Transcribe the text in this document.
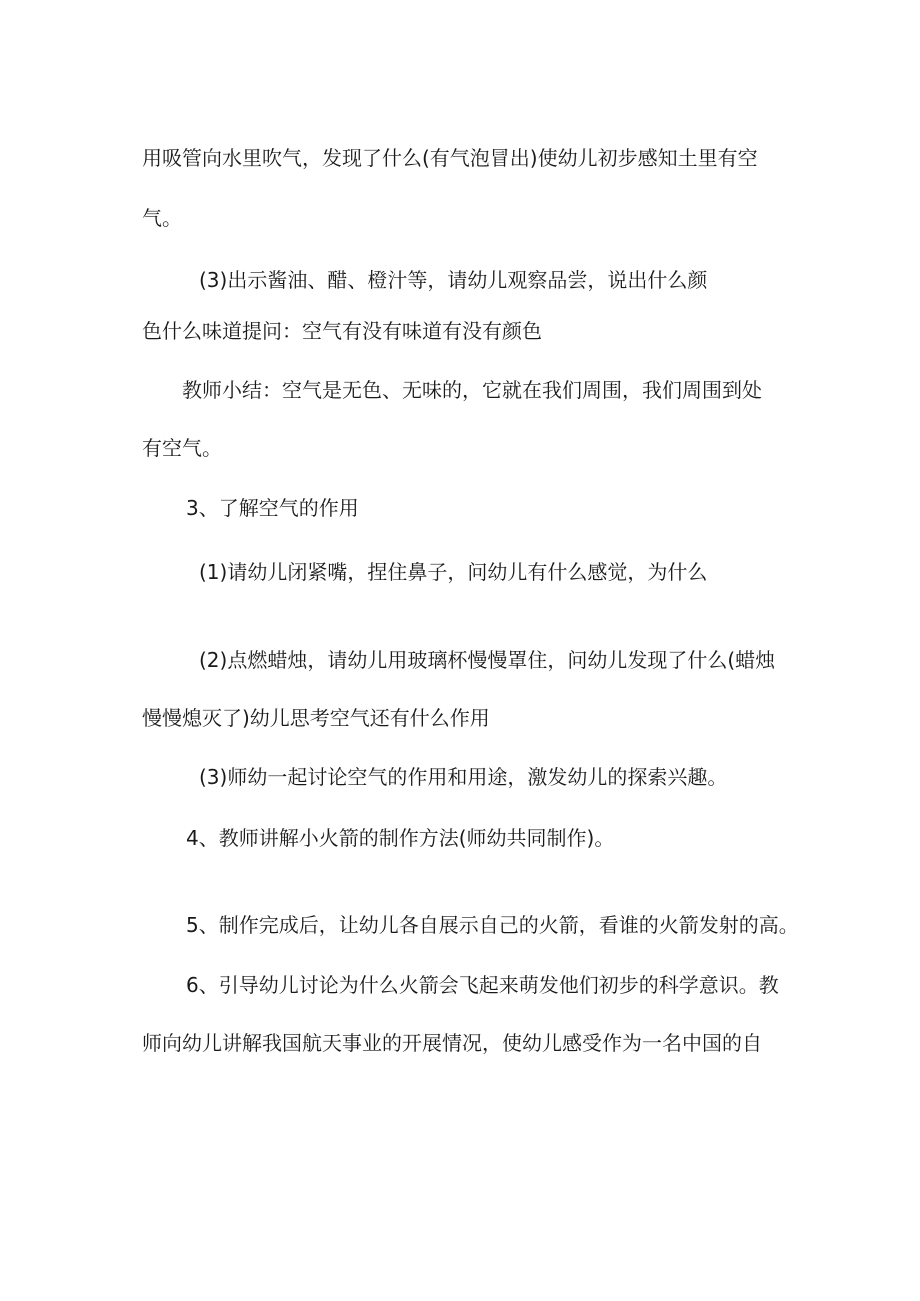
用吸管向水里吹气，发现了什么(有气泡冒出)使幼儿初步感知土里有空

气。

(3)出示酱油、醋、橙汁等，请幼儿观察品尝，说出什么颜

色什么味道提问：空气有没有味道有没有颜色

教师小结：空气是无色、无味的，它就在我们周围，我们周围到处

有空气。

3、了解空气的作用

(1)请幼儿闭紧嘴，捏住鼻子，问幼儿有什么感觉，为什么

(2)点燃蜡烛，请幼儿用玻璃杯慢慢罩住，问幼儿发现了什么(蜡烛

慢慢熄灭了)幼儿思考空气还有什么作用

(3)师幼一起讨论空气的作用和用途，激发幼儿的探索兴趣。

4、教师讲解小火箭的制作方法(师幼共同制作)。

5、制作完成后，让幼儿各自展示自己的火箭，看谁的火箭发射的高。

6、引导幼儿讨论为什么火箭会飞起来萌发他们初步的科学意识。教

师向幼儿讲解我国航天事业的开展情况，使幼儿感受作为一名中国的自
